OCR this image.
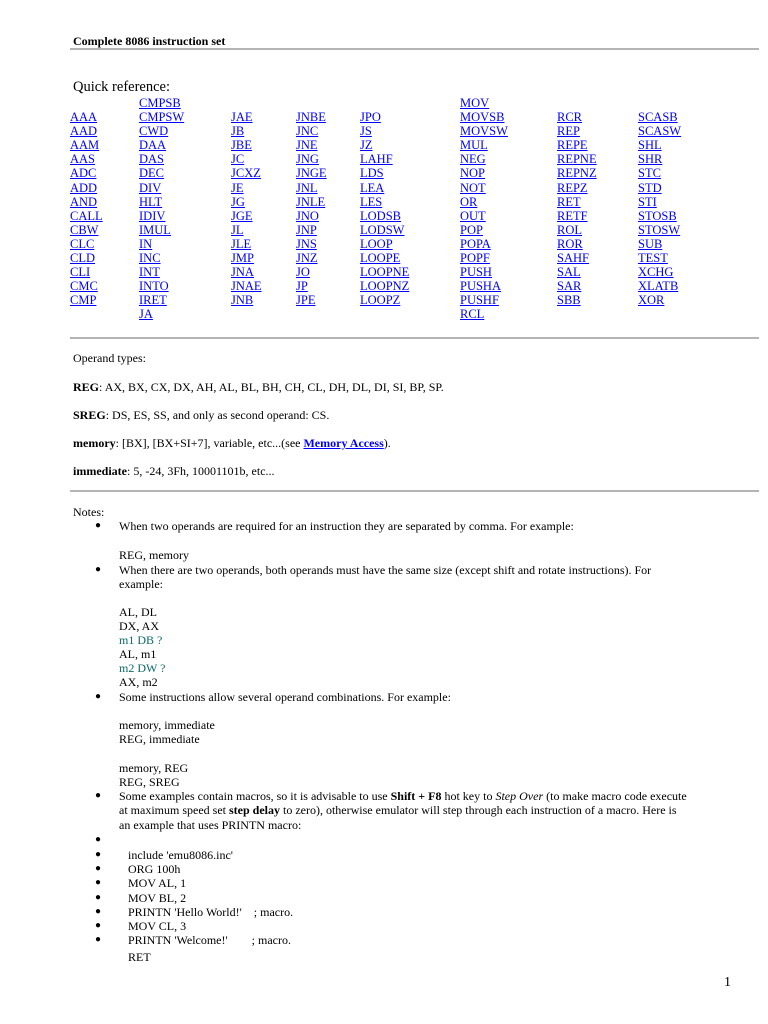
Complete 8086 instruction set
Quick reference:
AAA
AAD
AAM
AAS
ADC
ADD
AND
CALL
CBW
CLC
CLD
CLI
CMC
CMP
CMPSB
CMPSW
CWD
DAA
DAS
DEC
DIV
HLT
IDIV
IMUL
IN
INC
INT
INTO
IRET
JA
JAE
JB
JBE
JC
JCXZ
JE
JG
JGE
JL
JLE
JMP
JNA
JNAE
JNB
JNBE
JNC
JNE
JNG
JNGE
JNL
JNLE
JNO
JNP
JNS
JNZ
JO
JP
JPE
JPO
JS
JZ
LAHF
LDS
LEA
LES
LODSB
LODSW
LOOP
LOOPE
LOOPNE
LOOPNZ
LOOPZ
MOV
MOVSB
MOVSW
MUL
NEG
NOP
NOT
OR
OUT
POP
POPA
POPF
PUSH
PUSHA
PUSHF
RCL
RCR
REP
REPE
REPNE
REPNZ
REPZ
RET
RETF
ROL
ROR
SAHF
SAL
SAR
SBB
SCASB
SCASW
SHL
SHR
STC
STD
STI
STOSB
STOSW
SUB
TEST
XCHG
XLATB
XOR
Operand types:
REG: AX, BX, CX, DX, AH, AL, BL, BH, CH, CL, DH, DL, DI, SI, BP, SP.
SREG: DS, ES, SS, and only as second operand: CS.
memory: [BX], [BX+SI+7], variable, etc...(see Memory Access).
immediate: 5, -24, 3Fh, 10001101b, etc...
Notes:
● When two operands are required for an instruction they are separated by comma. For example:
REG, memory
● When there are two operands, both operands must have the same size (except shift and rotate instructions). For
example:
AL, DL
DX, AX
m1 DB ?
AL, m1
m2 DW ?
AX, m2
● Some instructions allow several operand combinations. For example:
memory, immediate
REG, immediate
memory, REG
REG, SREG
● Some examples contain macros, so it is advisable to use Shift + F8 hot key to Step Over (to make macro code execute
at maximum speed set step delay to zero), otherwise emulator will step through each instruction of a macro. Here is
an example that uses PRINTN macro:
●
● include 'emu8086.inc'
● ORG 100h
● MOV AL, 1
● MOV BL, 2
● PRINTN 'Hello World!'    ; macro.
● MOV CL, 3
● PRINTN 'Welcome!'        ; macro.
RET
1
